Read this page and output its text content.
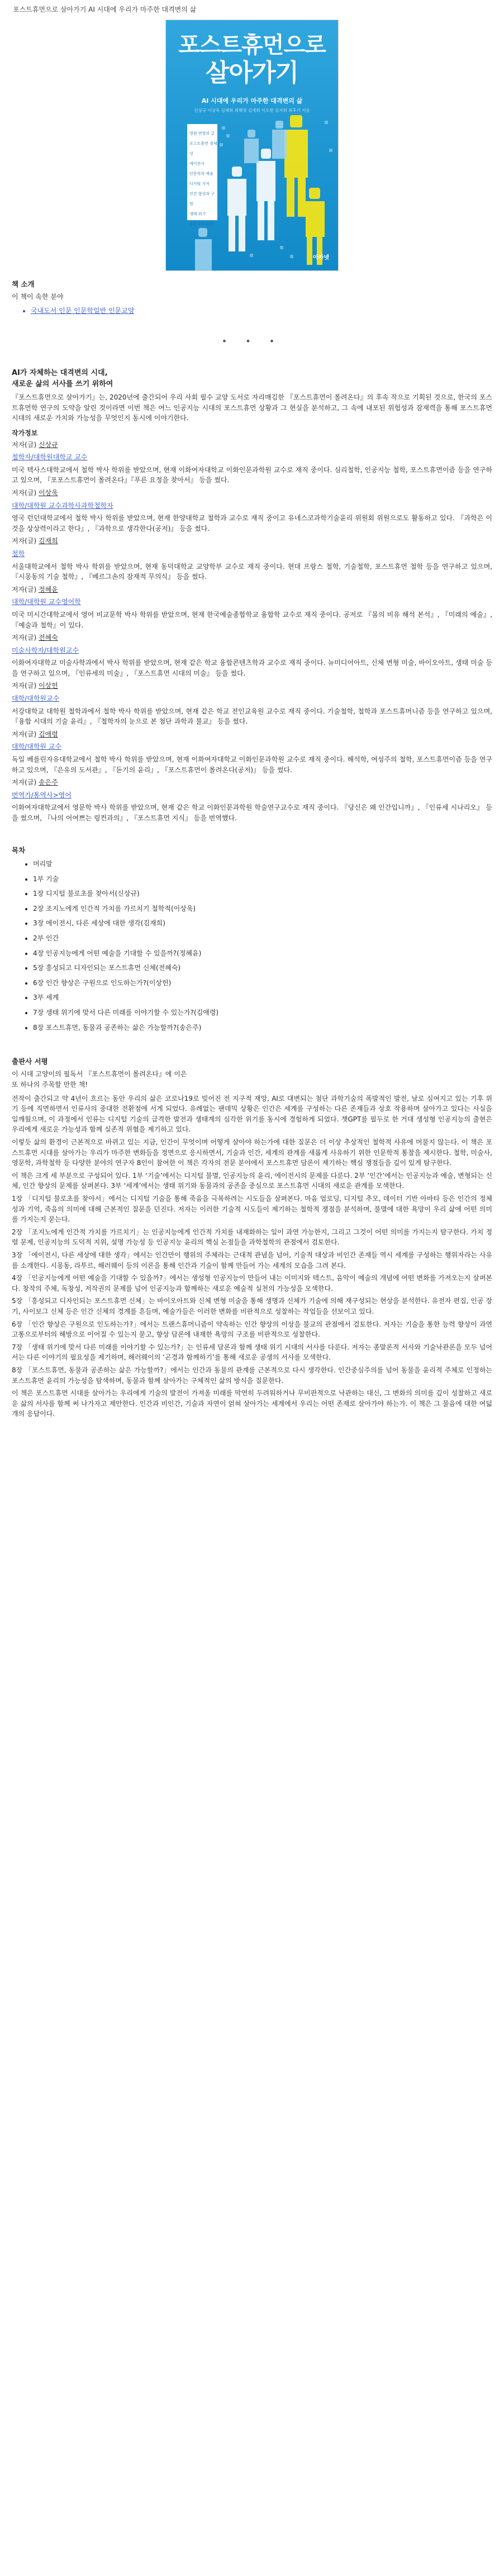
포스트휴먼으로 살아가기 AI 시대에 우리가 마주한 대격변의 삶
포스트휴먼으로
살아가기
AI 시대에 우리가 마주한 대격변의 삶
신상규 이상욱 김재희 최혜정 김재희 이도현 김지희 최후기 지음
영원 번영의 글
포스트휴먼 정체성
에이전시
인문학과 예술
디지털 지식
인간 향상과 구원
생태 위기
동물과의 공존
아카넷
책 소개
이 책이 속한 분야
• 국내도서 인문 인문학일반 인문교양
• • •
AI가 자체하는 대격변의 시대,
새로운 삶의 서사를 쓰기 위하여

『포스트휴먼으로 살아가기』는, 2020년에 출간되어 우리 사회 필수 교양 도서로 자리매김한 『포스트휴먼이 몰려온다』의 후속 작으로 기획된 것으로, 한국의 포스트휴먼학 연구의 도약을 알린 것이라면 이번 책은 여느 인공지능 시대의 포스트휴먼 상황과 그 현실을 분석하고, 그 속에 내포된 위험성과 잠재력을 통해 포스트휴먼 시대의 새로운 가치와 가능성을 무엇인지 동시에 이야기한다.

작가정보
저자(글) 신상규
철학자/대학원대학교 교수

미국 텍사스대학교에서 철학 박사 학위를 받았으며, 현재 이화여자대학교 이화인문과학원 교수로 재직 중이다. 심리철학, 인공지능 철학, 포스트휴먼이즘 등을 연구하고 있으며, 『포포스트휴먼이 몰려온다』『푸른 요정을 찾아서』 등을 썼다.

저자(글) 이상욱
대학/대학원 교수과학사과학철학자

영국 런던대학교에서 철학 박사 학위를 받았으며, 현재 한양대학교 철학과 교수로 재직 중이고 유네스코과학기술윤리 위원회 위원으로도 활동하고 있다. 『과학은 이것을 상상력이라고 한다』, 『과학으로 생각한다(공저)』 등을 썼다.

저자(글) 김재희
철학

서울대학교에서 철학 박사 학위를 받았으며, 현재 동덕대학교 교양학부 교수로 재직 중이다. 현대 프랑스 철학, 기술철학, 포스트휴먼 철학 등을 연구하고 있으며, 『시몽동의 기술 철학』, 『베르그손의 잠재적 무의식』 등을 썼다.

저자(글) 정혜윤
대학/대학원 교수영어학

미국 미시간대학교에서 영어 비교문학 박사 학위를 받았으며, 현재 한국예술종합학교 융합학 교수로 재직 중이다. 공저로 『몸의 비유 해석 본석』, 『미래의 예술』, 『예술과 철학』이 있다.

저자(글) 전혜숙
미술사학자/대학원교수

이화여자대학교 미술사학과에서 박사 학위를 받았으며, 현재 같은 학교 융합콘텐츠학과 교수로 재직 중이다. 뉴미디어아트, 신체 변형 미술, 바이오아트, 생태 미술 등을 연구하고 있으며, 『인류세의 미술』, 『포스트휴먼 시대의 미술』 등을 썼다.

저자(글) 이상헌
대학/대학원교수

서강대학교 대학원 철학과에서 철학 박사 학위를 받았으며, 현재 같은 학교 전인교육원 교수로 재직 중이다. 기술철학, 철학과 포스트휴머니즘 등을 연구하고 있으며, 『융합 시대의 기술 윤리』, 『철학자의 눈으로 본 첨단 과학과 불교』 등을 썼다.

저자(글) 김애령
대학/대학원 교수

독일 베를린자유대학교에서 철학 박사 학위를 받았으며, 현재 이화여자대학교 이화인문과학원 교수로 재직 중이다. 해석학, 여성주의 철학, 포스트휴먼이즘 등을 연구하고 있으며, 『은유의 도서관』, 『듣기의 윤리』, 『포스트휴먼이 몰려온다(공저)』 등을 썼다.

저자(글) 송은주
번역가/통역사>영어

이화여자대학교에서 영문학 박사 학위를 받았으며, 현재 같은 학교 이화인문과학원 학술연구교수로 재직 중이다. 『당신은 왜 인간입니까』, 『인류세 시나리오』 등을 썼으며, 『나의 어여쁘는 링컨과의』, 『포스트휴먼 지식』 등을 번역했다.

목차
• 머리말
• 1부 기술
• 1장 디지털 불로초를 찾아서(신상규)
• 2장 조지노에게 인간적 가치를 가르치기 철학적(이상욱)
• 3장 에이전시, 다른 세상에 대한 생각(김재희)
• 2부 인간
• 4장 인공지능에게 어떤 예술을 기대할 수 있을까?(정혜윤)
• 5장 흥성되고 디자인되는 포스트휴먼 신체(전혜숙)
• 6장 인간 향상은 구원으로 인도하는가?(이상헌)
• 3부 세계
• 7장 생태 위기에 맞서 다른 미래를 이야기할 수 있는가?(김애령)
• 8장 포스트휴먼, 동물과 공존하는 삶은 가능할까?(송은주)
출판사 서평
이 시대 고양이의 필독서 『포스트휴먼이 몰려온다』에 이은
또 하나의 주목할 만한 책!

전작이 출간되고 약 4년이 흐르는 동안 우리의 삶은 코로나19로 빚어진 전 지구적 재앙, AI로 대변되는 첨단 과학기술의 폭발적인 발전, 날로 심여지고 있는 기후 위기 등에 직면하면서 인류사의 중대한 전환점에 서게 되었다. 유례없는 팬데믹 상황은 인간은 세계를 구성하는 다른 존재들과 상호 작용하며 살아가고 있다는 사실을 일깨웠으며, 이 과정에서 인류는 디지털 기술의 급격한 발전과 생태계의 심각한 위기를 동시에 경험하게 되었다. 챗GPT를 필두로 한 거대 생성형 인공지능의 출현은 우리에게 새로운 가능성과 함께 실존적 위협을 제기하고 있다.

이렇듯 삶의 환경이 근본적으로 바뀌고 있는 지금, 인간이 무엇이며 어떻게 살아야 하는가에 대한 질문은 더 이상 추상적인 철학적 사유에 머물지 않는다. 이 책은 포스트휴먼 시대를 살아가는 우리가 마주한 변화들을 정면으로 응시하면서, 기술과 인간, 세계의 관계를 새롭게 사유하기 위한 인문학적 통찰을 제시한다. 철학, 미술사, 영문학, 과학철학 등 다양한 분야의 연구자 8인이 참여한 이 책은 각자의 전문 분야에서 포스트휴먼 담론이 제기하는 핵심 쟁점들을 깊이 있게 탐구한다.

이 책은 크게 세 부분으로 구성되어 있다. 1부 ‘기술’에서는 디지털 불멸, 인공지능의 윤리, 에이전시의 문제를 다룬다. 2부 ‘인간’에서는 인공지능과 예술, 변형되는 신체, 인간 향상의 문제를 살펴본다. 3부 ‘세계’에서는 생태 위기와 동물과의 공존을 중심으로 포스트휴먼 시대의 새로운 관계를 모색한다.

1장 「디지털 불로초를 찾아서」에서는 디지털 기술을 통해 죽음을 극복하려는 시도들을 살펴본다. 마음 업로딩, 디지털 추모, 데이터 기반 아바타 등은 인간의 정체성과 기억, 죽음의 의미에 대해 근본적인 질문을 던진다. 저자는 이러한 기술적 시도들이 제기하는 철학적 쟁점을 분석하며, 불멸에 대한 욕망이 우리 삶에 어떤 의미를 가지는지 묻는다.

2장 「조지노에게 인간적 가치를 가르치기」는 인공지능에게 인간적 가치를 내재화하는 일이 과연 가능한지, 그리고 그것이 어떤 의미를 가지는지 탐구한다. 가치 정렬 문제, 인공지능의 도덕적 지위, 설명 가능성 등 인공지능 윤리의 핵심 논점들을 과학철학의 관점에서 검토한다.

3장 「에이전시, 다른 세상에 대한 생각」에서는 인간만이 행위의 주체라는 근대적 관념을 넘어, 기술적 대상과 비인간 존재들 역시 세계를 구성하는 행위자라는 사유를 소개한다. 시몽동, 라투르, 해러웨이 등의 이론을 통해 인간과 기술이 함께 만들어 가는 세계의 모습을 그려 본다.

4장 「인공지능에게 어떤 예술을 기대할 수 있을까?」에서는 생성형 인공지능이 만들어 내는 이미지와 텍스트, 음악이 예술의 개념에 어떤 변화를 가져오는지 살펴본다. 창작의 주체, 독창성, 저작권의 문제를 넘어 인공지능과 함께하는 새로운 예술적 실천의 가능성을 모색한다.

5장 「흥성되고 디자인되는 포스트휴먼 신체」는 바이오아트와 신체 변형 미술을 통해 생명과 신체가 기술에 의해 재구성되는 현상을 분석한다. 유전자 편집, 인공 장기, 사이보그 신체 등은 인간 신체의 경계를 흔들며, 예술가들은 이러한 변화를 비판적으로 성찰하는 작업들을 선보이고 있다.

6장 「인간 향상은 구원으로 인도하는가?」에서는 트랜스휴머니즘이 약속하는 인간 향상의 이상을 불교의 관점에서 검토한다. 저자는 기술을 통한 능력 향상이 과연 고통으로부터의 해방으로 이어질 수 있는지 묻고, 향상 담론에 내재한 욕망의 구조를 비판적으로 성찰한다.

7장 「생태 위기에 맞서 다른 미래를 이야기할 수 있는가?」는 인류세 담론과 함께 생태 위기 시대의 서사를 다룬다. 저자는 종말론적 서사와 기술낙관론을 모두 넘어서는 다른 이야기의 필요성을 제기하며, 해러웨이의 ‘곤경과 함께하기’를 통해 새로운 공생의 서사를 모색한다.

8장 「포스트휴먼, 동물과 공존하는 삶은 가능할까?」에서는 인간과 동물의 관계를 근본적으로 다시 생각한다. 인간중심주의를 넘어 동물을 윤리적 주체로 인정하는 포스트휴먼 윤리의 가능성을 탐색하며, 동물과 함께 살아가는 구체적인 삶의 방식을 질문한다.

이 책은 포스트휴먼 시대를 살아가는 우리에게 기술의 발전이 가져올 미래를 막연히 두려워하거나 무비판적으로 낙관하는 대신, 그 변화의 의미를 깊이 성찰하고 새로운 삶의 서사를 함께 써 나가자고 제안한다. 인간과 비인간, 기술과 자연이 얽혀 살아가는 세계에서 우리는 어떤 존재로 살아가야 하는가. 이 책은 그 물음에 대한 여덟 개의 응답이다.
